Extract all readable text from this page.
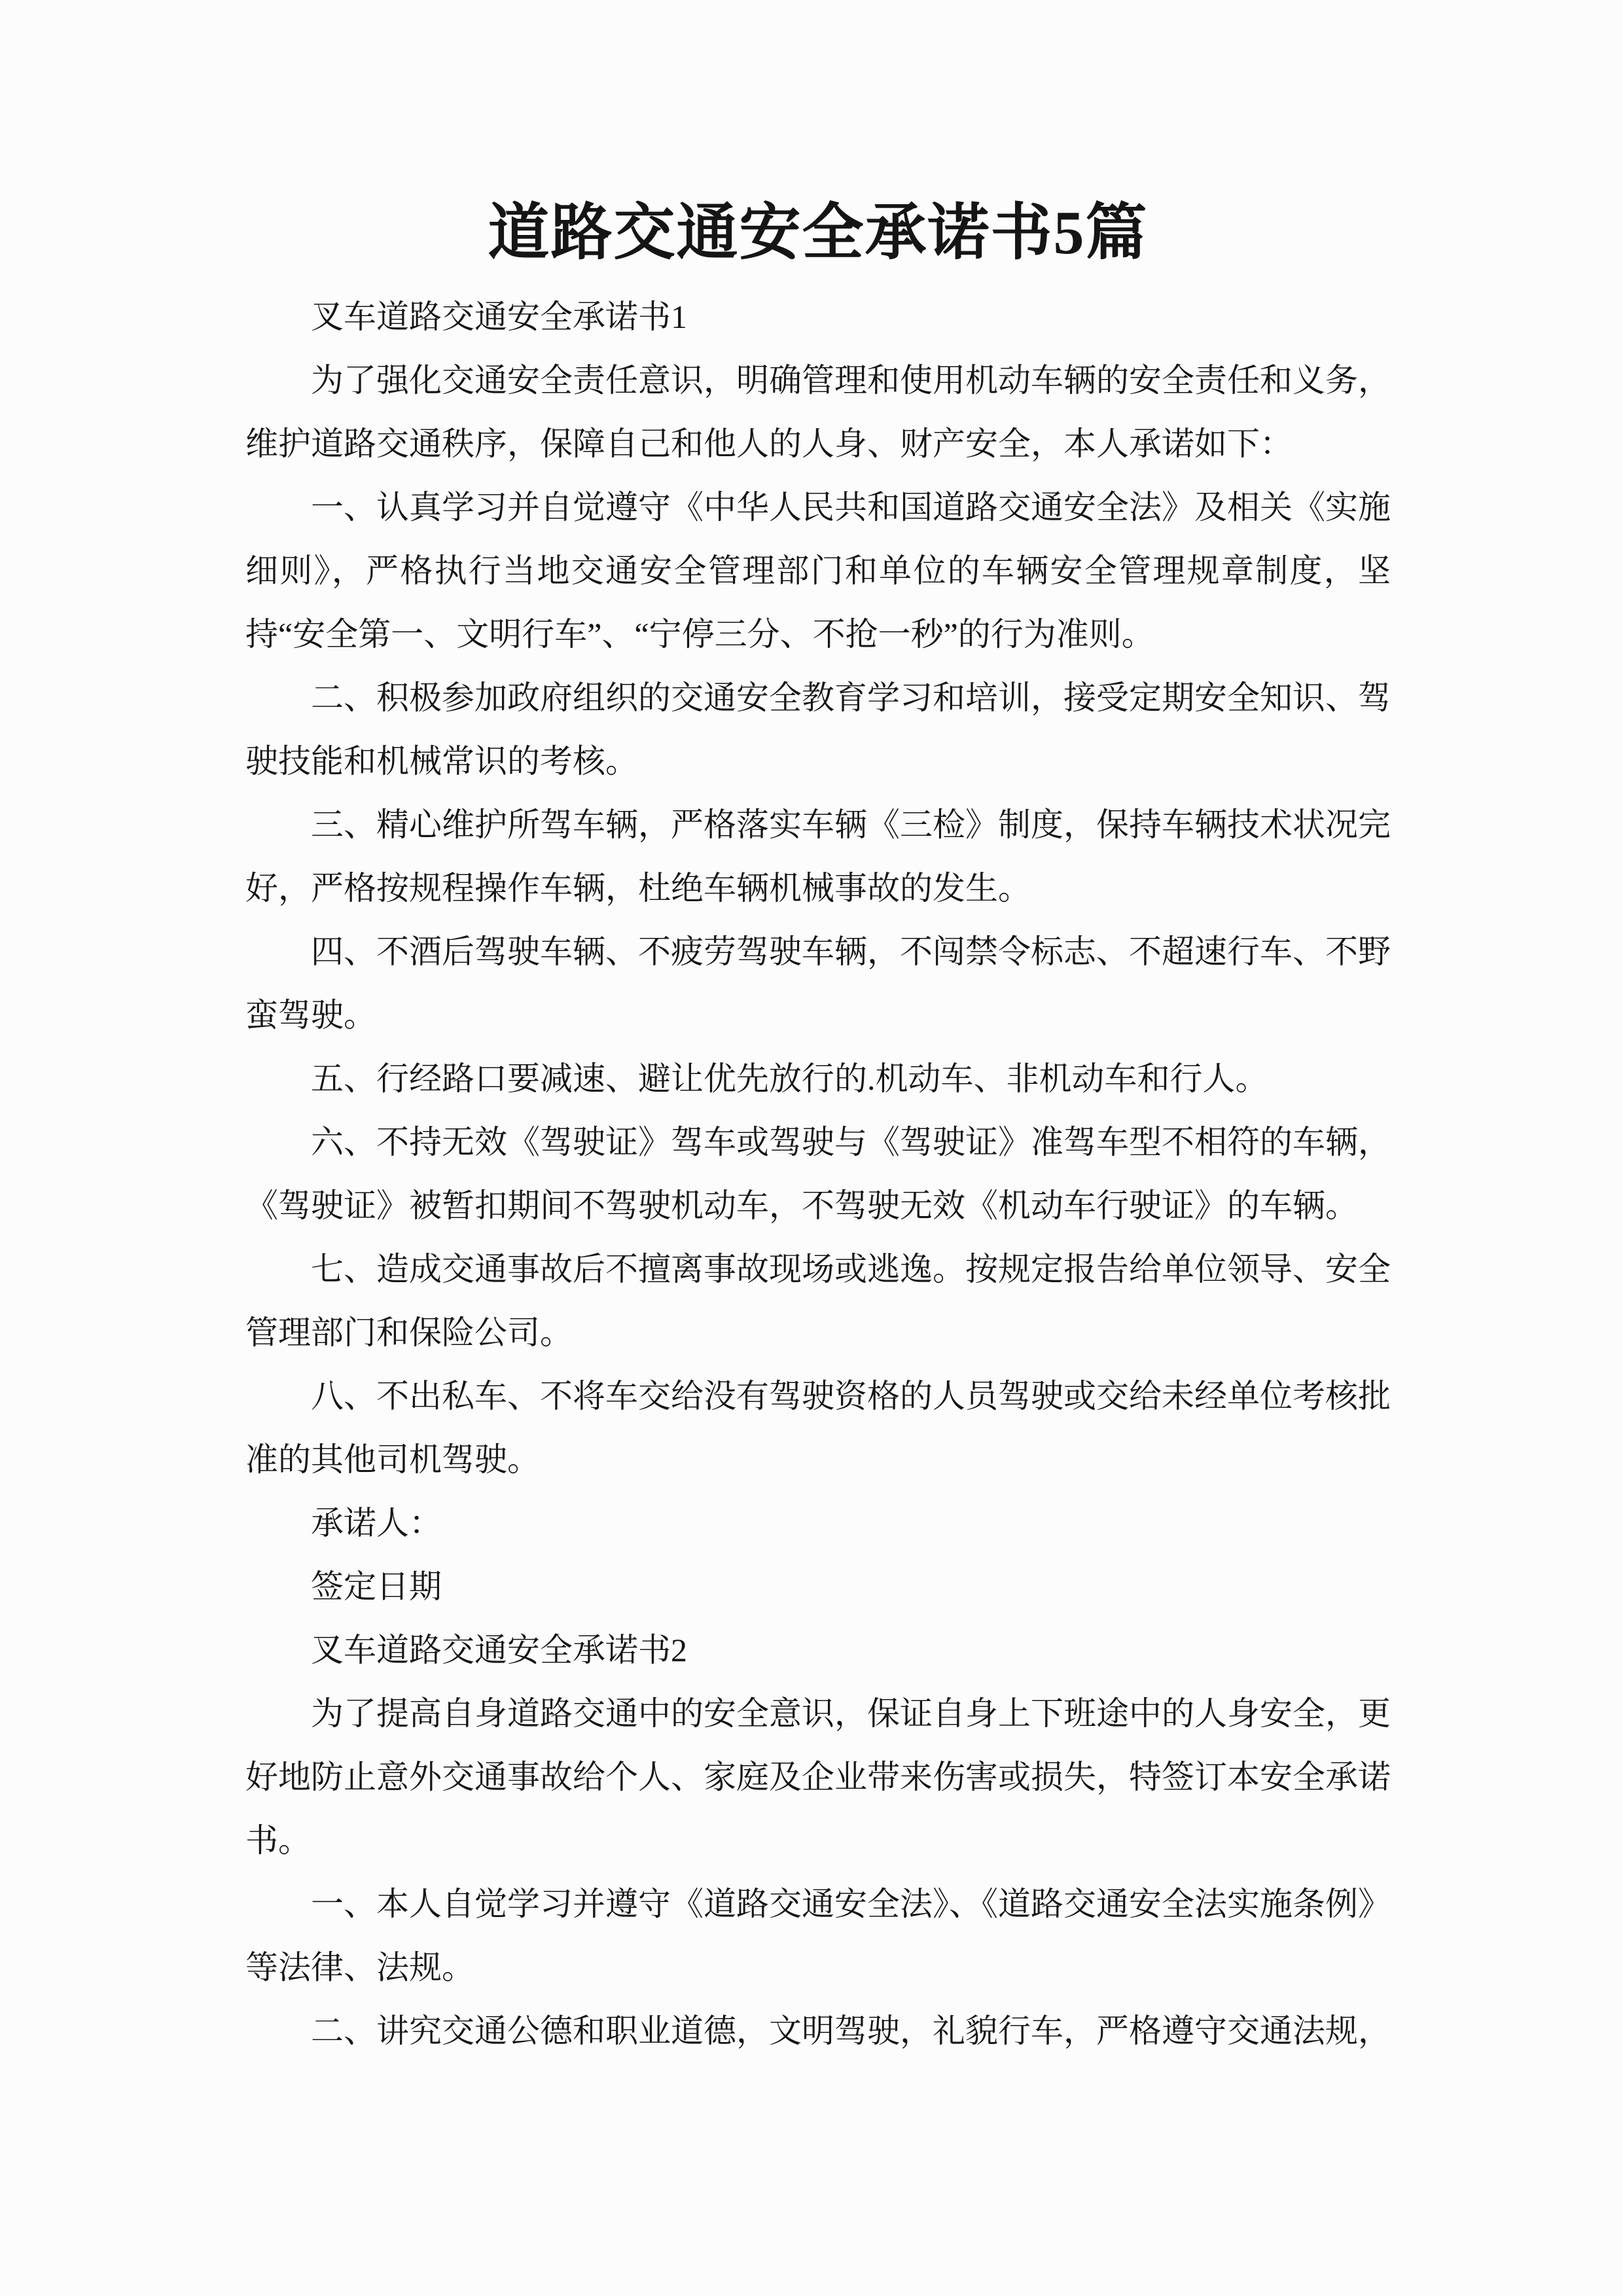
道路交通安全承诺书5篇

叉车道路交通安全承诺书1

为了强化交通安全责任意识，明确管理和使用机动车辆的安全责任和义务，维护道路交通秩序，保障自己和他人的人身、财产安全，本人承诺如下：

一、认真学习并自觉遵守《中华人民共和国道路交通安全法》及相关《实施细则》，严格执行当地交通安全管理部门和单位的车辆安全管理规章制度，坚持“安全第一、文明行车”、“宁停三分、不抢一秒”的行为准则。

二、积极参加政府组织的交通安全教育学习和培训，接受定期安全知识、驾驶技能和机械常识的考核。

三、精心维护所驾车辆，严格落实车辆《三检》制度，保持车辆技术状况完好，严格按规程操作车辆，杜绝车辆机械事故的发生。

四、不酒后驾驶车辆、不疲劳驾驶车辆，不闯禁令标志、不超速行车、不野蛮驾驶。

五、行经路口要减速、避让优先放行的.机动车、非机动车和行人。

六、不持无效《驾驶证》驾车或驾驶与《驾驶证》准驾车型不相符的车辆，《驾驶证》被暂扣期间不驾驶机动车，不驾驶无效《机动车行驶证》的车辆。

七、造成交通事故后不擅离事故现场或逃逸。按规定报告给单位领导、安全管理部门和保险公司。

八、不出私车、不将车交给没有驾驶资格的人员驾驶或交给未经单位考核批准的其他司机驾驶。

承诺人：

签定日期

叉车道路交通安全承诺书2

为了提高自身道路交通中的安全意识，保证自身上下班途中的人身安全，更好地防止意外交通事故给个人、家庭及企业带来伤害或损失，特签订本安全承诺书。

一、本人自觉学习并遵守《道路交通安全法》、《道路交通安全法实施条例》等法律、法规。

二、讲究交通公德和职业道德，文明驾驶，礼貌行车，严格遵守交通法规，
